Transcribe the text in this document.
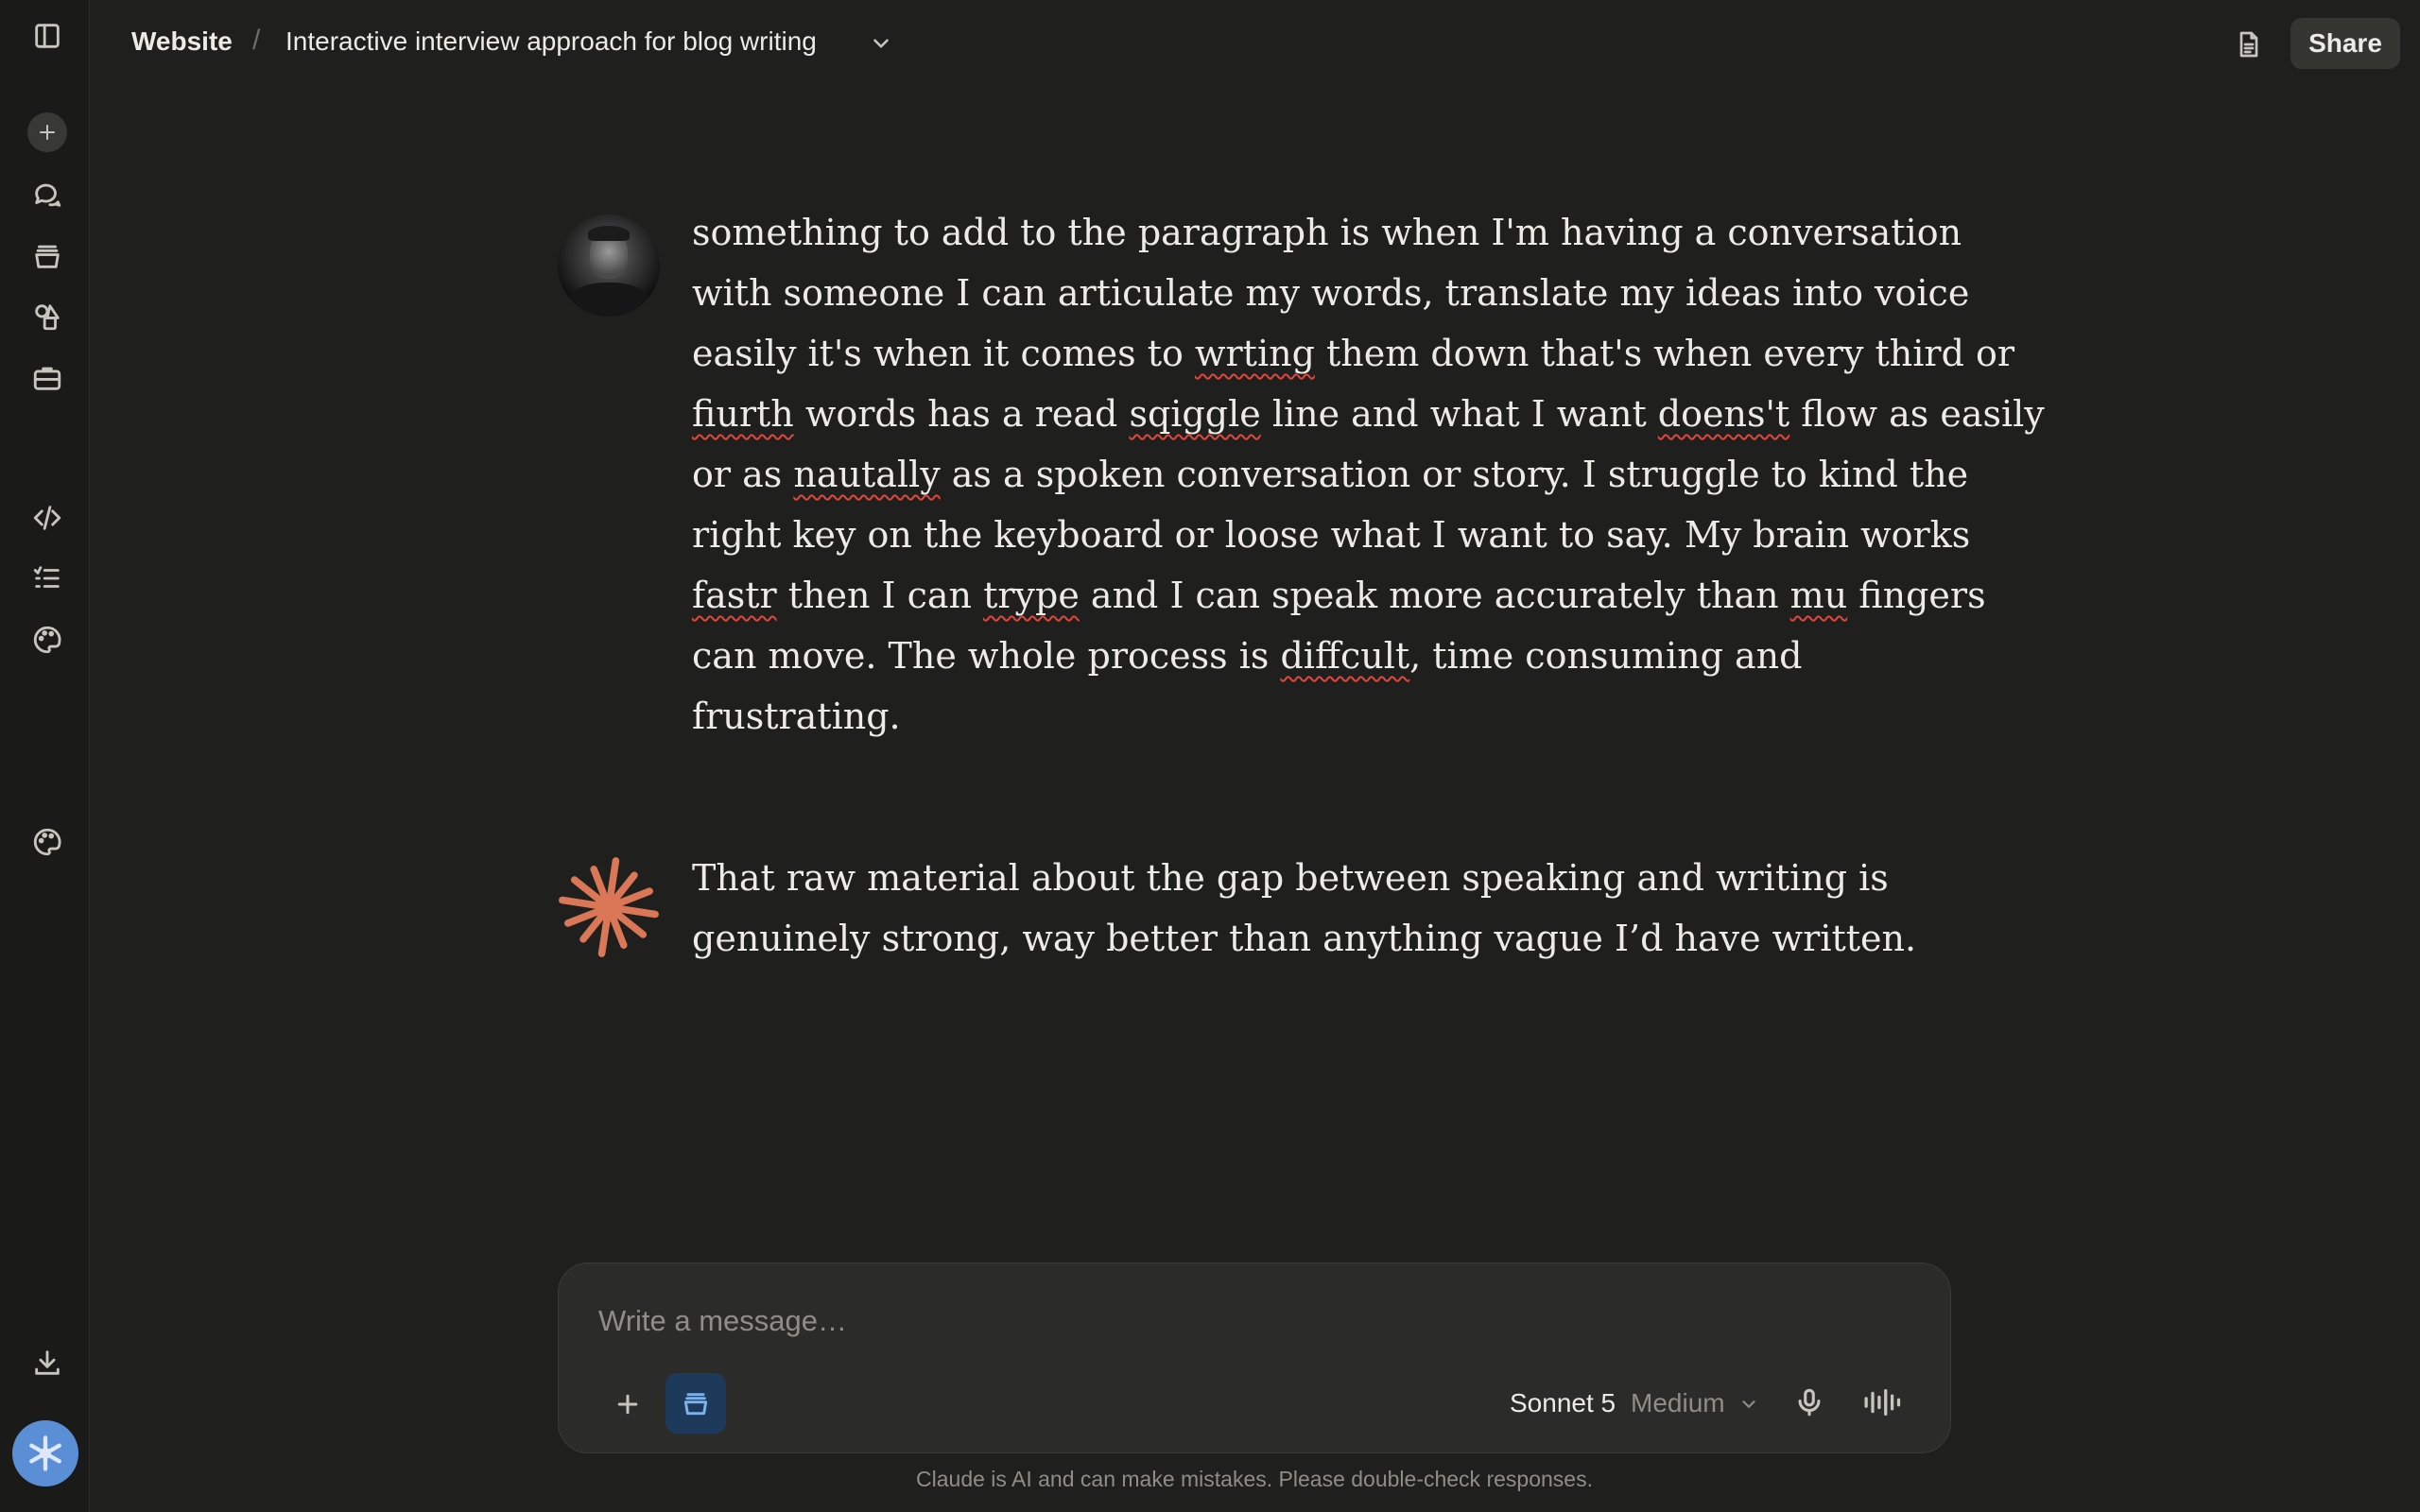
Website / Interactive interview approach for blog writing	Share

something to add to the paragraph is when I'm having a conversation

with someone I can articulate my words, translate my ideas into voice

easily it's when it comes to wrting them down that's when every third or

fiurth words has a read sqiggle line and what I want doens't flow as easily

or as nautally as a spoken conversation or story. I struggle to kind the

right key on the keyboard or loose what I want to say. My brain works

fastr then I can trype and I can speak more accurately than mu fingers

can move. The whole process is diffcult, time consuming and

frustrating.

That raw material about the gap between speaking and writing is

genuinely strong, way better than anything vague I’d have written.

Write a message…
Sonnet 5 Medium
Claude is AI and can make mistakes. Please double-check responses.
